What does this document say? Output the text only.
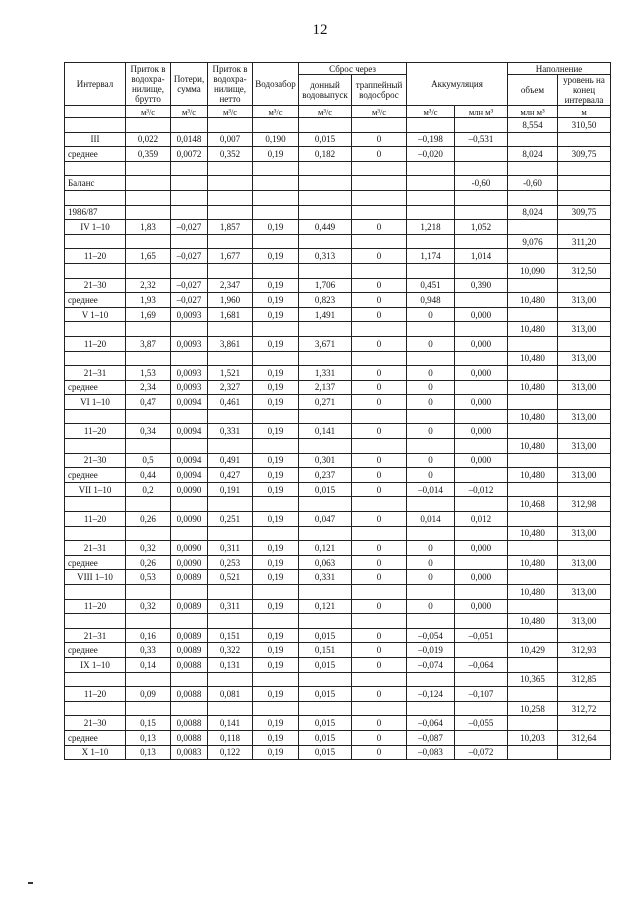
12
Интервал	Приток в водохра-нилище, брутто	Потери, сумма	Приток в водохра-нилище, нетто	Водозабор	Сброс через		Аккумуляция		Наполнение	
					донный водовыпуск	траппейный водосброс			объем	уровень на конец интервала
	м³/с	м³/с	м³/с	м³/с	м³/с	м³/с	м³/с	млн м³	млн м³	м
									8,554	310,50
III	0,022	0,0148	0,007	0,190	0,015	0	–0,198	–0,531		
среднее	0,359	0,0072	0,352	0,19	0,182	0	–0,020		8,024	309,75

Баланс								-0,60	-0,60	

1986/87									8,024	309,75
IV 1–10	1,83	–0,027	1,857	0,19	0,449	0	1,218	1,052		
									9,076	311,20
11–20	1,65	–0,027	1,677	0,19	0,313	0	1,174	1,014		
									10,090	312,50
21–30	2,32	–0,027	2,347	0,19	1,706	0	0,451	0,390		
среднее	1,93	–0,027	1,960	0,19	0,823	0	0,948		10,480	313,00
V 1–10	1,69	0,0093	1,681	0,19	1,491	0	0	0,000		
									10,480	313,00
11–20	3,87	0,0093	3,861	0,19	3,671	0	0	0,000		
									10,480	313,00
21–31	1,53	0,0093	1,521	0,19	1,331	0	0	0,000		
среднее	2,34	0,0093	2,327	0,19	2,137	0	0		10,480	313,00
VI 1–10	0,47	0,0094	0,461	0,19	0,271	0	0	0,000		
									10,480	313,00
11–20	0,34	0,0094	0,331	0,19	0,141	0	0	0,000		
									10,480	313,00
21–30	0,5	0,0094	0,491	0,19	0,301	0	0	0,000		
среднее	0,44	0,0094	0,427	0,19	0,237	0	0		10,480	313,00
VII 1–10	0,2	0,0090	0,191	0,19	0,015	0	–0,014	–0,012		
									10,468	312,98
11–20	0,26	0,0090	0,251	0,19	0,047	0	0,014	0,012		
									10,480	313,00
21–31	0,32	0,0090	0,311	0,19	0,121	0	0	0,000		
среднее	0,26	0,0090	0,253	0,19	0,063	0	0		10,480	313,00
VIII 1–10	0,53	0,0089	0,521	0,19	0,331	0	0	0,000		
									10,480	313,00
11–20	0,32	0,0089	0,311	0,19	0,121	0	0	0,000		
									10,480	313,00
21–31	0,16	0,0089	0,151	0,19	0,015	0	–0,054	–0,051		
среднее	0,33	0,0089	0,322	0,19	0,151	0	–0,019		10,429	312,93
IX 1–10	0,14	0,0088	0,131	0,19	0,015	0	–0,074	–0,064		
									10,365	312,85
11–20	0,09	0,0088	0,081	0,19	0,015	0	–0,124	–0,107		
									10,258	312,72
21–30	0,15	0,0088	0,141	0,19	0,015	0	–0,064	–0,055		
среднее	0,13	0,0088	0,118	0,19	0,015	0	–0,087		10,203	312,64
X 1–10	0,13	0,0083	0,122	0,19	0,015	0	–0,083	–0,072		
